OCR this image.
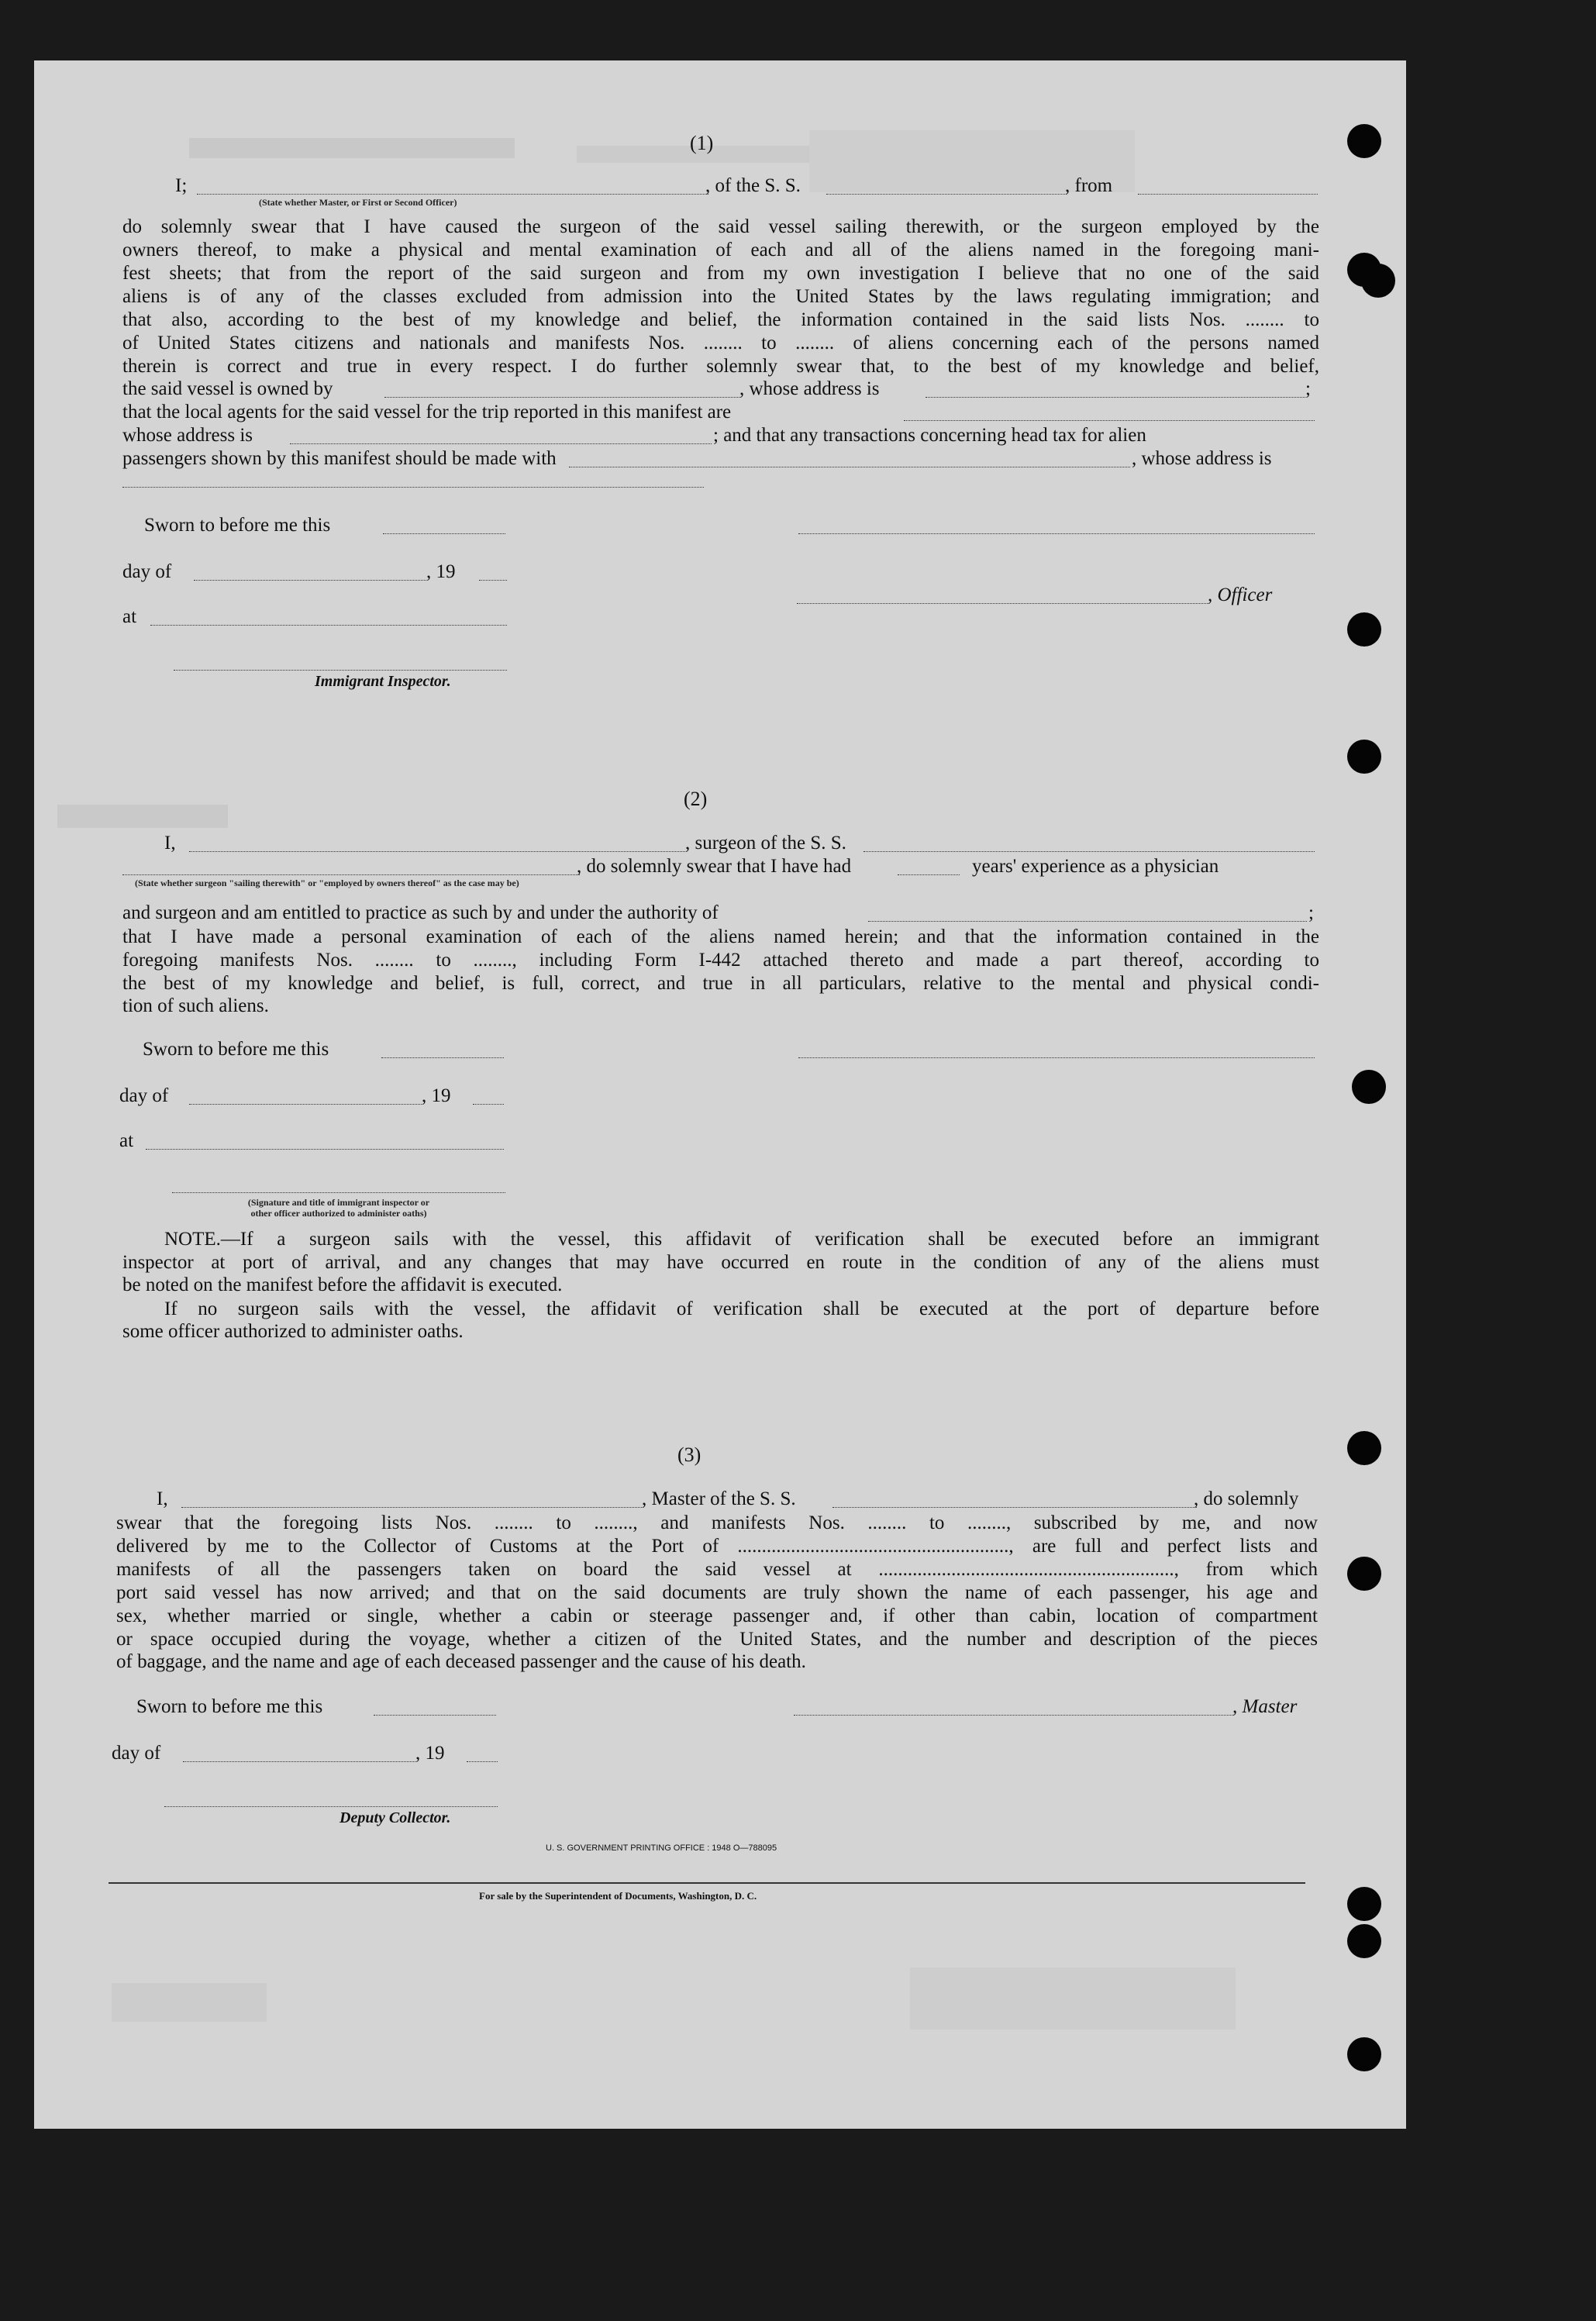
(1)
I;
(State whether Master, or First or Second Officer)
, of the S. S.	, from
do solemnly swear that I have caused the surgeon of the said vessel sailing therewith, or the surgeon employed by the
owners thereof, to make a physical and mental examination of each and all of the aliens named in the foregoing mani-
fest sheets; that from the report of the said surgeon and from my own investigation I believe that no one of the said
aliens is of any of the classes excluded from admission into the United States by the laws regulating immigration; and
that also, according to the best of my knowledge and belief, the information contained in the said lists Nos. ........ to
of United States citizens and nationals and manifests Nos. ........ to ........ of aliens concerning each of the persons named
therein is correct and true in every respect. I do further solemnly swear that, to the best of my knowledge and belief,
the said vessel is owned by	, whose address is	;
that the local agents for the said vessel for the trip reported in this manifest are
whose address is	; and that any transactions concerning head tax for alien
passengers shown by this manifest should be made with	, whose address is
Sworn to before me this
day of	, 19
, Officer
at
Immigrant Inspector.
(2)
I,	, surgeon of the S. S.
, do solemnly swear that I have had	years' experience as a physician
(State whether surgeon "sailing therewith" or "employed by owners thereof" as the case may be)
and surgeon and am entitled to practice as such by and under the authority of	;
that I have made a personal examination of each of the aliens named herein; and that the information contained in the
foregoing manifests Nos. ........ to ........, including Form I-442 attached thereto and made a part thereof, according to
the best of my knowledge and belief, is full, correct, and true in all particulars, relative to the mental and physical condi-
tion of such aliens.
Sworn to before me this
day of	, 19
at
(Signature and title of immigrant inspector or
other officer authorized to administer oaths)
NOTE.—If a surgeon sails with the vessel, this affidavit of verification shall be executed before an immigrant
inspector at port of arrival, and any changes that may have occurred en route in the condition of any of the aliens must
be noted on the manifest before the affidavit is executed.
If no surgeon sails with the vessel, the affidavit of verification shall be executed at the port of departure before
some officer authorized to administer oaths.
(3)
I,	, Master of the S. S.	, do solemnly
swear that the foregoing lists Nos. ........ to ........, and manifests Nos. ........ to ........, subscribed by me, and now
delivered by me to the Collector of Customs at the Port of ........................................................, are full and perfect lists and
manifests of all the passengers taken on board the said vessel at ............................................................., from which
port said vessel has now arrived; and that on the said documents are truly shown the name of each passenger, his age and
sex, whether married or single, whether a cabin or steerage passenger and, if other than cabin, location of compartment
or space occupied during the voyage, whether a citizen of the United States, and the number and description of the pieces
of baggage, and the name and age of each deceased passenger and the cause of his death.
Sworn to before me this	, Master
day of	, 19
Deputy Collector.
U. S. GOVERNMENT PRINTING OFFICE : 1948 O—788095
For sale by the Superintendent of Documents, Washington, D. C.
